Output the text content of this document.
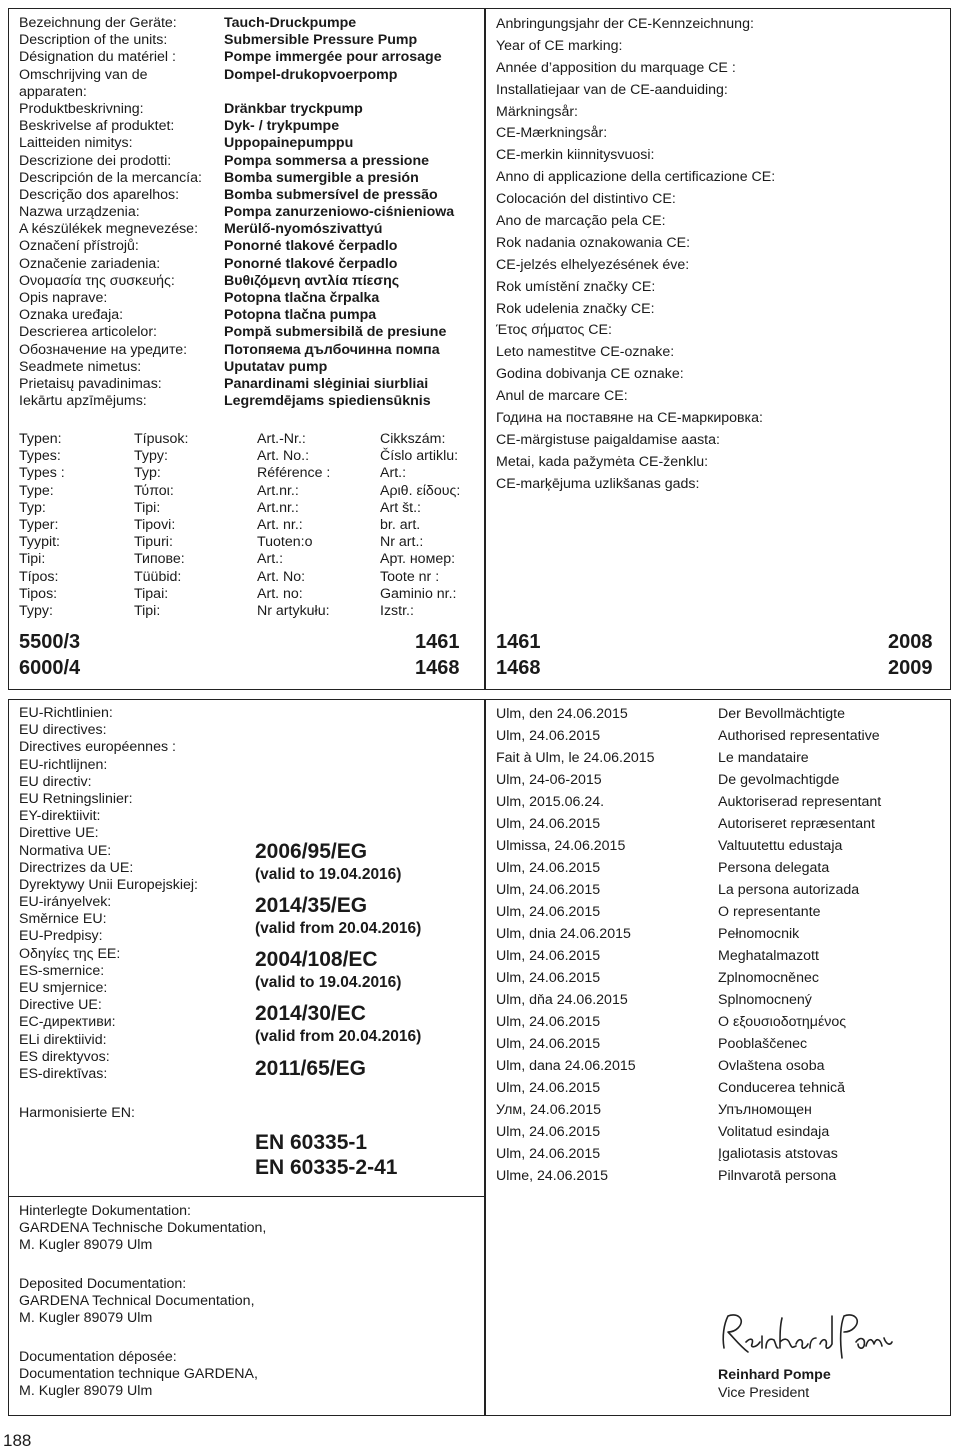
Bezeichnung der Geräte:
Description of the units:
Désignation du matériel :
Omschrijving van de
apparaten:
Produktbeskrivning:
Beskrivelse af produktet:
Laitteiden nimitys:
Descrizione dei prodotti:
Descripción de la mercancía:
Descrição dos aparelhos:
Nazwa urządzenia:
A készülékek megnevezése:
Označení přístrojů:
Označenie zariadenia:
Ονομασία της συσκευής:
Opis naprave:
Oznaka uređaja:
Descrierea articolelor:
Обозначение на уредите:
Seadmete nimetus:
Prietaisų pavadinimas:
Iekārtu apzīmējums:
Tauch-Druckpumpe
Submersible Pressure Pump
Pompe immergée pour arrosage
Dompel-drukopvoerpomp
Dränkbar tryckpump
Dyk- / trykpumpe
Uppopainepumppu
Pompa sommersa a pressione
Bomba sumergible a presión
Bomba submersível de pressão
Pompa zanurzeniowo-ciśnieniowa
Merülő-nyomószivattyú
Ponorné tlakové čerpadlo
Ponorné tlakové čerpadlo
Βυθιζόμενη αντλία πίεσης
Potopna tlačna črpalka
Potopna tlačna pumpa
Pompă submersibilă de presiune
Потопяема дълбочинна помпа
Uputatav pump
Panardinami slėginiai siurbliai
Legremdējams spiediensūknis
Typen:
Types:
Types :
Type:
Typ:
Typer:
Tyypit:
Tipi:
Típos:
Tipos:
Typy:
Típusok:
Typy:
Typ:
Τύποι:
Tipi:
Tipovi:
Tipuri:
Типове:
Tüübid:
Tipai:
Tipi:
Art.-Nr.:
Art. No.:
Référence :
Art.nr.:
Art.nr.:
Art. nr.:
Tuoten:o
Art.:
Art. No:
Art. no:
Nr artykułu:
Cikkszám:
Číslo artiklu:
Art.:
Αριθ. είδους:
Art št.:
br. art.
Nr art.:
Арт. номер:
Toote nr :
Gaminio nr.:
Izstr.:
5500/3
6000/4
1461
1468
Anbringungsjahr der CE-Kennzeichnung:
Year of CE marking:
Année d’apposition du marquage CE :
Installatiejaar van de CE-aanduiding:
Märkningsår:
CE-Mærkningsår:
CE-merkin kiinnitysvuosi:
Anno di applicazione della certificazione CE:
Colocación del distintivo CE:
Ano de marcação pela CE:
Rok nadania oznakowania CE:
CE-jelzés elhelyezésének éve:
Rok umístění značky CE:
Rok udelenia značky CE:
Έτος σήματος CE:
Leto namestitve CE-oznake:
Godina dobivanja CE oznake:
Anul de marcare CE:
Година на поставяне на CE-маркировка:
CE-märgistuse paigaldamise aasta:
Metai, kada pažymėta CE-ženklu:
CE-marķējuma uzlikšanas gads:
1461
1468
2008
2009
EU-Richtlinien:
EU directives:
Directives européennes :
EU-richtlijnen:
EU directiv:
EU Retningslinier:
EY-direktiivit:
Direttive UE:
Normativa UE:
Directrizes da UE:
Dyrektywy Unii Europejskiej:
EU-irányelvek:
Směrnice EU:
EU-Predpisy:
Οδηγίες της ΕΕ:
ES-smernice:
EU smjernice:
Directive UE:
ЕС-директиви:
ELi direktiivid:
ES direktyvos:
ES-direktīvas:
2006/95/EG
(valid to 19.04.2016)
2014/35/EG
(valid from 20.04.2016)
2004/108/EC
(valid to 19.04.2016)
2014/30/EC
(valid from 20.04.2016)
2011/65/EG
Harmonisierte EN:
EN 60335-1
EN 60335-2-41
Hinterlegte Dokumentation:
GARDENA Technische Dokumentation,
M. Kugler 89079 Ulm
Deposited Documentation:
GARDENA Technical Documentation,
M. Kugler 89079 Ulm
Documentation déposée:
Documentation technique GARDENA,
M. Kugler 89079 Ulm
Ulm, den 24.06.2015
Ulm, 24.06.2015
Fait à Ulm, le 24.06.2015
Ulm, 24-06-2015
Ulm, 2015.06.24.
Ulm, 24.06.2015
Ulmissa, 24.06.2015
Ulm, 24.06.2015
Ulm, 24.06.2015
Ulm, 24.06.2015
Ulm, dnia 24.06.2015
Ulm, 24.06.2015
Ulm, 24.06.2015
Ulm, dňa 24.06.2015
Ulm, 24.06.2015
Ulm, 24.06.2015
Ulm, dana 24.06.2015
Ulm, 24.06.2015
Улм, 24.06.2015
Ulm, 24.06.2015
Ulm, 24.06.2015
Ulme, 24.06.2015
Der Bevollmächtigte
Authorised representative
Le mandataire
De gevolmachtigde
Auktoriserad representant
Autoriseret repræsentant
Valtuutettu edustaja
Persona delegata
La persona autorizada
O representante
Pełnomocnik
Meghatalmazott
Zplnomocněnec
Splnomocnený
Ο εξουσιοδοτημένος
Pooblaščenec
Ovlaštena osoba
Conducerea tehnică
Упълномощен
Volitatud esindaja
Įgaliotasis atstovas
Pilnvarotā persona
Reinhard Pompe
Vice President
188
